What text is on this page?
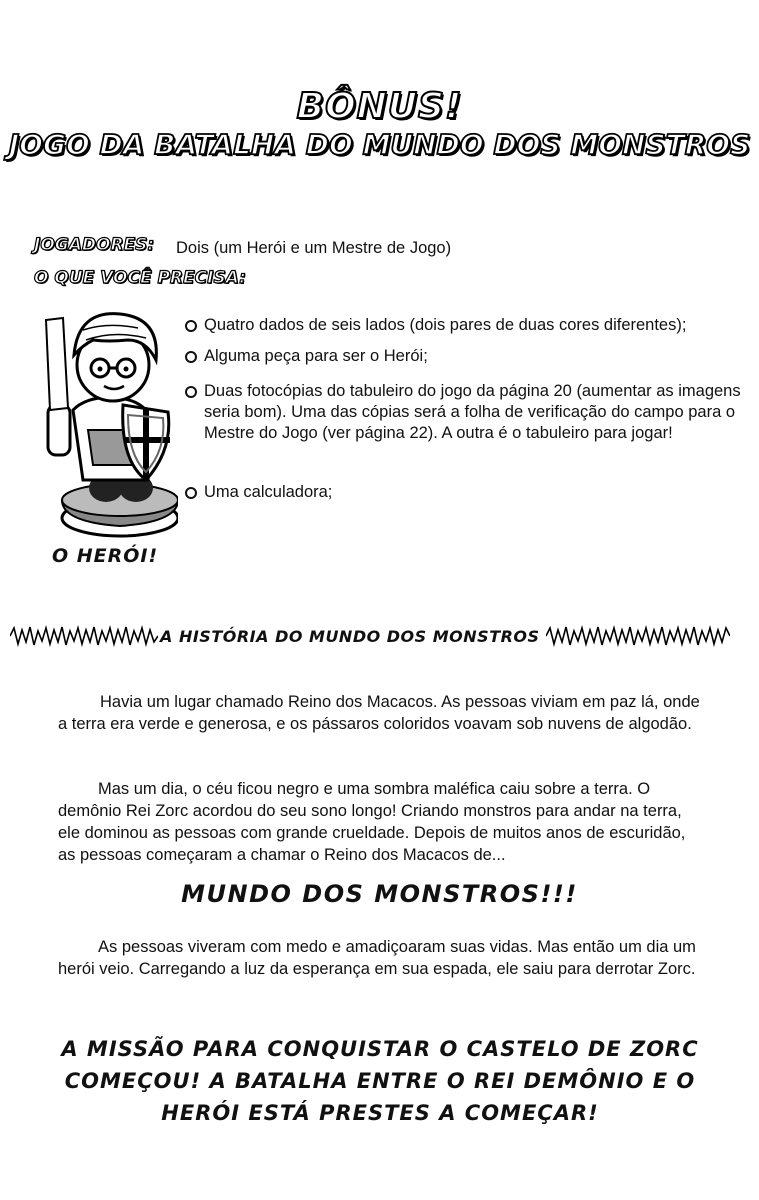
BÔNUS!
JOGO DA BATALHA DO MUNDO DOS MONSTROS
JOGADORES: Dois (um Herói e um Mestre de Jogo)
O QUE VOCÊ PRECISA:
O HERÓI!
Quatro dados de seis lados (dois pares de duas cores diferentes);
Alguma peça para ser o Herói;
Duas fotocópias do tabuleiro do jogo da página 20 (aumentar as imagens seria bom). Uma das cópias será a folha de verificação do campo para o Mestre do Jogo (ver página 22). A outra é o tabuleiro para jogar!
Uma calculadora;
A HISTÓRIA DO MUNDO DOS MONSTROS
Havia um lugar chamado Reino dos Macacos. As pessoas viviam em paz lá, onde a terra era verde e generosa, e os pássaros coloridos voavam sob nuvens de algodão.
Mas um dia, o céu ficou negro e uma sombra maléfica caiu sobre a terra. O demônio Rei Zorc acordou do seu sono longo! Criando monstros para andar na terra, ele dominou as pessoas com grande crueldade. Depois de muitos anos de escuridão, as pessoas começaram a chamar o Reino dos Macacos de...
MUNDO DOS MONSTROS!!!
As pessoas viveram com medo e amadiçoaram suas vidas. Mas então um dia um herói veio. Carregando a luz da esperança em sua espada, ele saiu para derrotar Zorc.
A MISSÃO PARA CONQUISTAR O CASTELO DE ZORC
COMEÇOU! A BATALHA ENTRE O REI DEMÔNIO E O
HERÓI ESTÁ PRESTES A COMEÇAR!
